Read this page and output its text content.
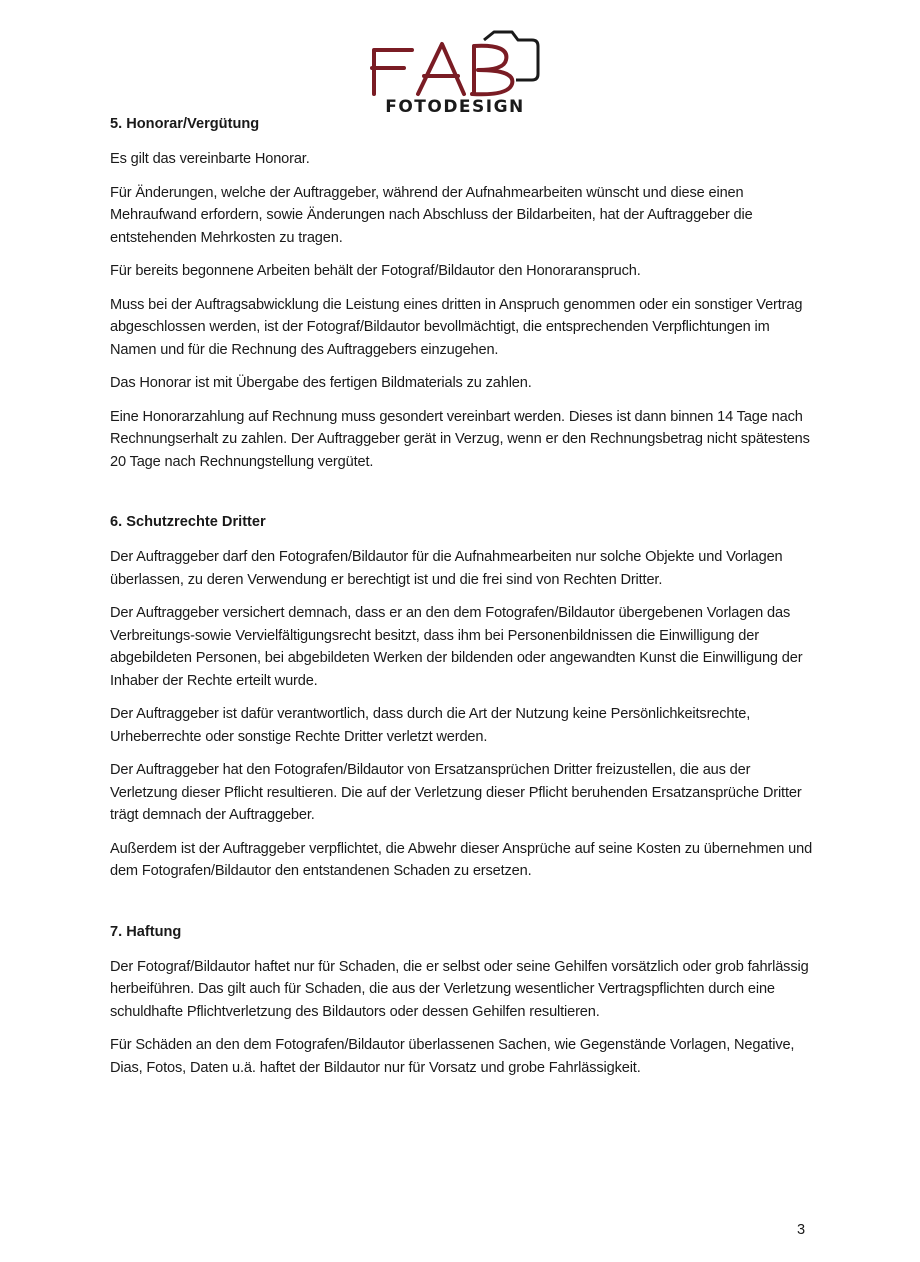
FOTODESIGN
5. Honorar/Vergütung

Es gilt das vereinbarte Honorar.

Für Änderungen, welche der Auftraggeber, während der Aufnahmearbeiten wünscht und diese einen Mehraufwand erfordern, sowie Änderungen nach Abschluss der Bildarbeiten, hat der Auftraggeber die entstehenden Mehrkosten zu tragen.

Für bereits begonnene Arbeiten behält der Fotograf/Bildautor den Honoraranspruch.

Muss bei der Auftragsabwicklung die Leistung eines dritten in Anspruch genommen oder ein sonstiger Vertrag abgeschlossen werden, ist der Fotograf/Bildautor bevollmächtigt, die entsprechenden Verpflichtungen im Namen und für die Rechnung des Auftraggebers einzugehen.

Das Honorar ist mit Übergabe des fertigen Bildmaterials zu zahlen.

Eine Honorarzahlung auf Rechnung muss gesondert vereinbart werden. Dieses ist dann binnen 14 Tage nach Rechnungserhalt zu zahlen. Der Auftraggeber gerät in Verzug, wenn er den Rechnungsbetrag nicht spätestens 20 Tage nach Rechnungstellung vergütet.

6. Schutzrechte Dritter

Der Auftraggeber darf den Fotografen/Bildautor für die Aufnahmearbeiten nur solche Objekte und Vorlagen überlassen, zu deren Verwendung er berechtigt ist und die frei sind von Rechten Dritter.

Der Auftraggeber versichert demnach, dass er an den dem Fotografen/Bildautor übergebenen Vorlagen das Verbreitungs-sowie Vervielfältigungsrecht besitzt, dass ihm bei Personenbildnissen die Einwilligung der abgebildeten Personen, bei abgebildeten Werken der bildenden oder angewandten Kunst die Einwilligung der Inhaber der Rechte erteilt wurde.

Der Auftraggeber ist dafür verantwortlich, dass durch die Art der Nutzung keine Persönlichkeitsrechte, Urheberrechte oder sonstige Rechte Dritter verletzt werden.

Der Auftraggeber hat den Fotografen/Bildautor von Ersatzansprüchen Dritter freizustellen, die aus der Verletzung dieser Pflicht resultieren. Die auf der Verletzung dieser Pflicht beruhenden Ersatzansprüche Dritter trägt demnach der Auftraggeber.

Außerdem ist der Auftraggeber verpflichtet, die Abwehr dieser Ansprüche auf seine Kosten zu übernehmen und dem Fotografen/Bildautor den entstandenen Schaden zu ersetzen.

7. Haftung

Der Fotograf/Bildautor haftet nur für Schaden, die er selbst oder seine Gehilfen vorsätzlich oder grob fahrlässig herbeiführen. Das gilt auch für Schaden, die aus der Verletzung wesentlicher Vertragspflichten durch eine schuldhafte Pflichtverletzung des Bildautors oder dessen Gehilfen resultieren.

Für Schäden an den dem Fotografen/Bildautor überlassenen Sachen, wie Gegenstände Vorlagen, Negative, Dias, Fotos, Daten u.ä. haftet der Bildautor nur für Vorsatz und grobe Fahrlässigkeit.

3
